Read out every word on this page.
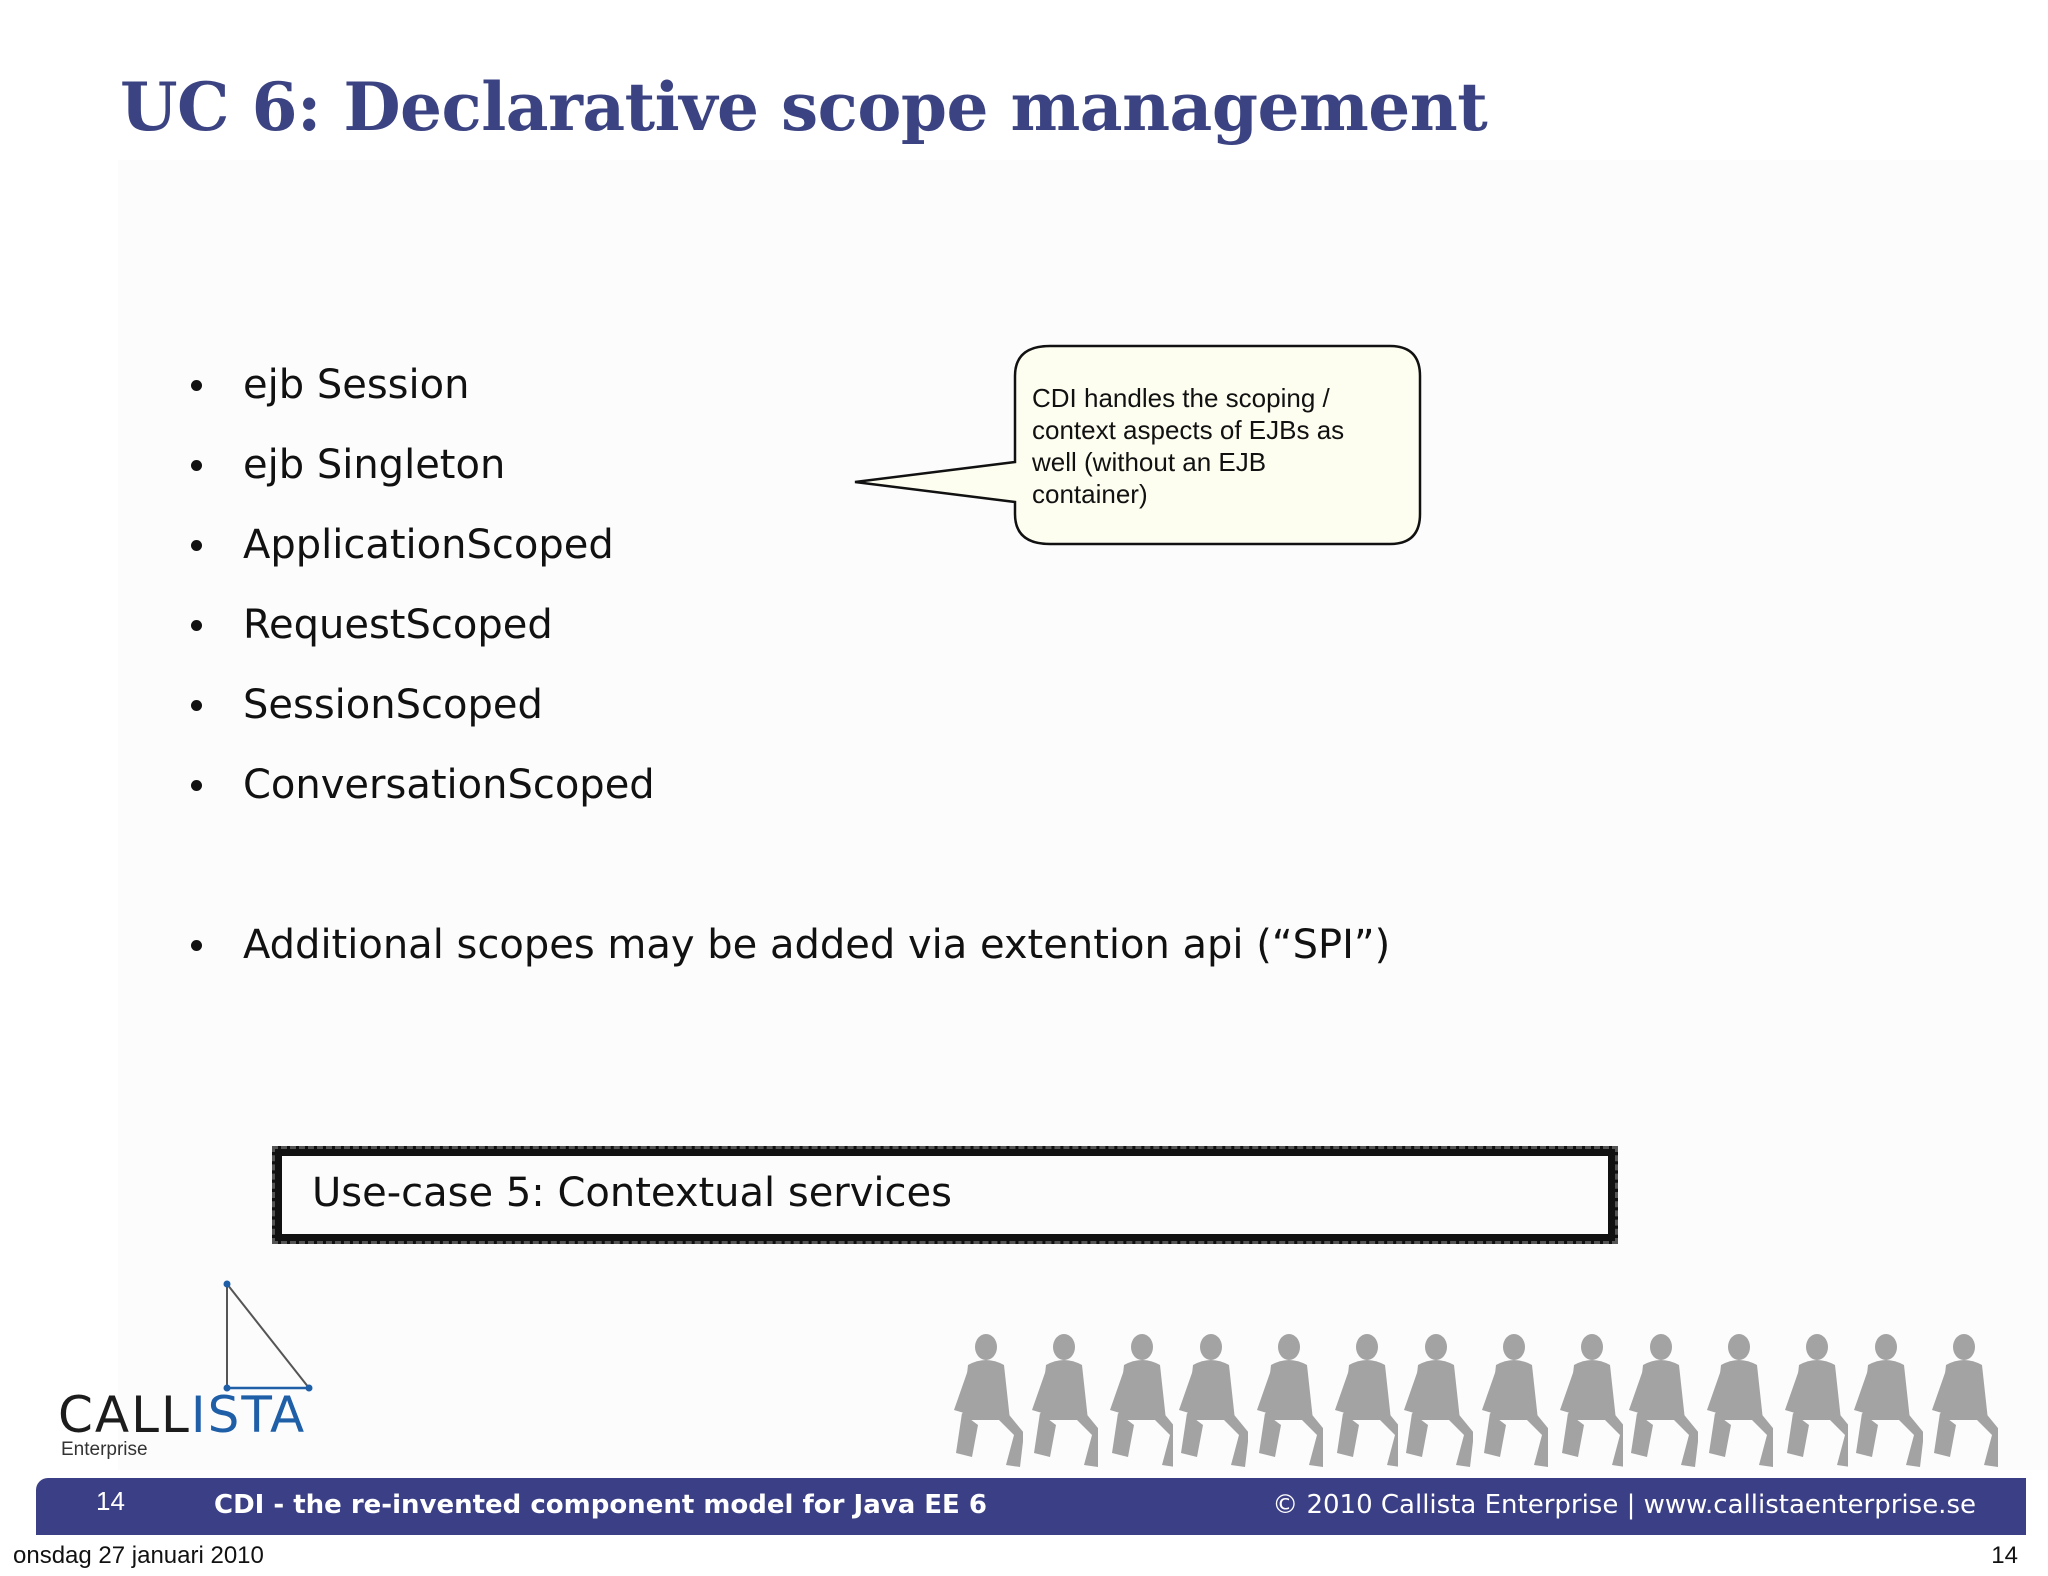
UC 6: Declarative scope management
ejb Session
ejb Singleton
ApplicationScoped
RequestScoped
SessionScoped
ConversationScoped
Additional scopes may be added via extention api (“SPI”)
CDI handles the scoping /
context aspects of EJBs as
well (without an EJB
container)
Use-case 5: Contextual services
CALLISTA
Enterprise
14	CDI - the re-invented component model for Java EE 6	© 2010 Callista Enterprise | www.callistaenterprise.se
onsdag 27 januari 2010	14
